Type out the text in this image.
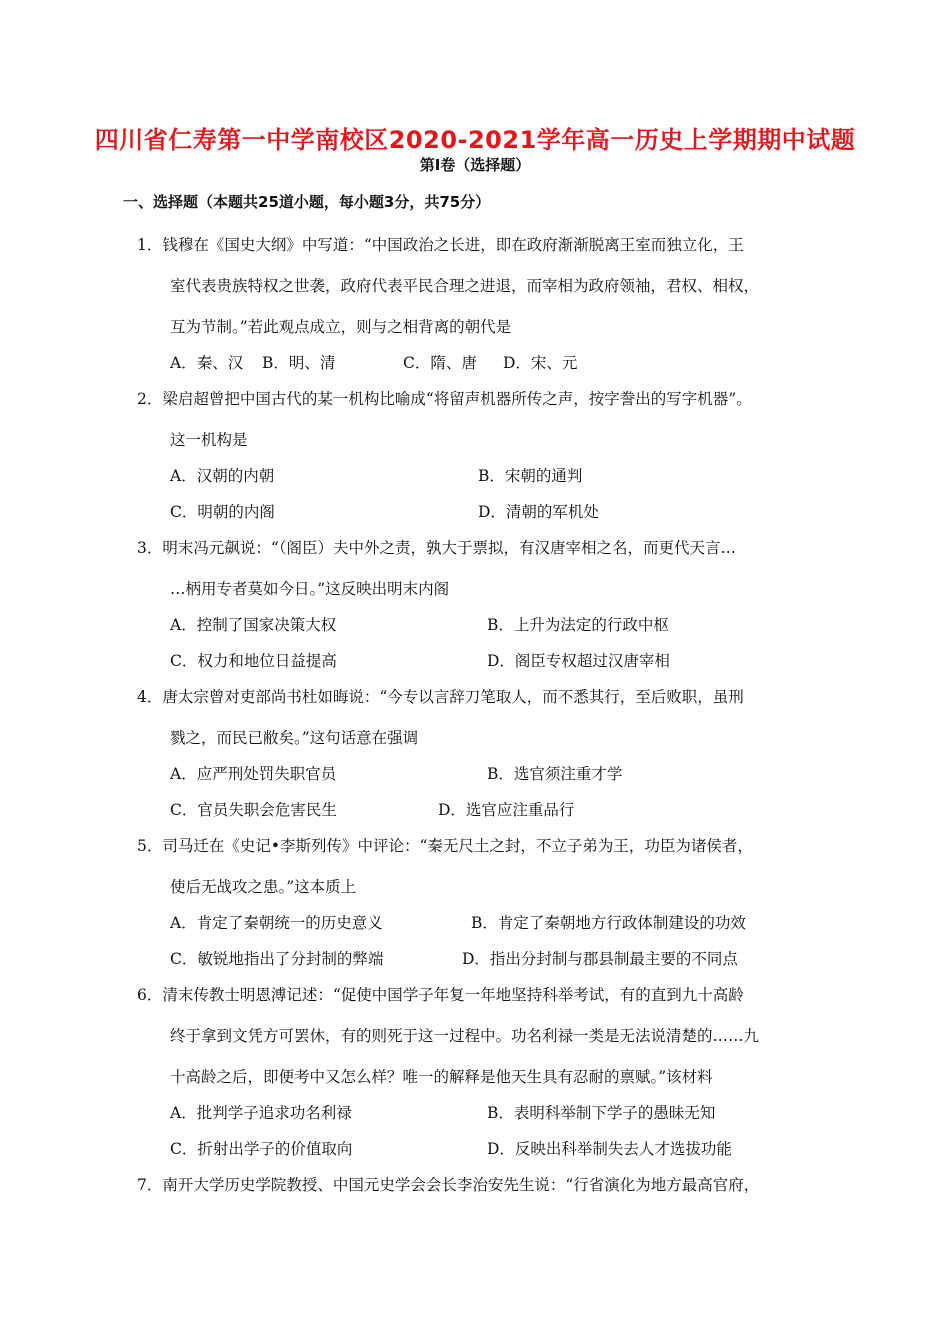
四川省仁寿第一中学南校区2020-2021学年高一历史上学期期中试题
第Ⅰ卷（选择题）
一、选择题（本题共25道小题，每小题3分，共75分）
1．钱穆在《国史大纲》中写道：“中国政治之长进，即在政府渐渐脱离王室而独立化，王
室代表贵族特权之世袭，政府代表平民合理之进退，而宰相为政府领袖，君权、相权，
互为节制。”若此观点成立，则与之相背离的朝代是
A．秦、汉 B．明、清	C．隋、唐 D．宋、元
2．梁启超曾把中国古代的某一机构比喻成“将留声机器所传之声，按字誊出的写字机器”。
这一机构是
A．汉朝的内朝	B．宋朝的通判
C．明朝的内阁	D．清朝的军机处
3．明末冯元飙说：“（阁臣）夫中外之责，孰大于票拟，有汉唐宰相之名，而更代天言…
…柄用专者莫如今日。”这反映出明末内阁
A．控制了国家决策大权	B．上升为法定的行政中枢
C．权力和地位日益提高	D．阁臣专权超过汉唐宰相
4．唐太宗曾对吏部尚书杜如晦说：“今专以言辞刀笔取人，而不悉其行，至后败职，虽刑
戮之，而民已敝矣。”这句话意在强调
A．应严刑处罚失职官员	B．选官须注重才学
C．官员失职会危害民生	D．选官应注重品行
5．司马迁在《史记•李斯列传》中评论：“秦无尺土之封，不立子弟为王，功臣为诸侯者，
使后无战攻之患。”这本质上
A．肯定了秦朝统一的历史意义	B．肯定了秦朝地方行政体制建设的功效
C．敏锐地指出了分封制的弊端	D．指出分封制与郡县制最主要的不同点
6．清末传教士明恩溥记述：“促使中国学子年复一年地坚持科举考试，有的直到九十高龄
终于拿到文凭方可罢休，有的则死于这一过程中。功名利禄一类是无法说清楚的……九
十高龄之后，即便考中又怎么样？唯一的解释是他天生具有忍耐的禀赋。”该材料
A．批判学子追求功名利禄	B．表明科举制下学子的愚昧无知
C．折射出学子的价值取向	D．反映出科举制失去人才选拔功能
7．南开大学历史学院教授、中国元史学会会长李治安先生说：“行省演化为地方最高官府，
